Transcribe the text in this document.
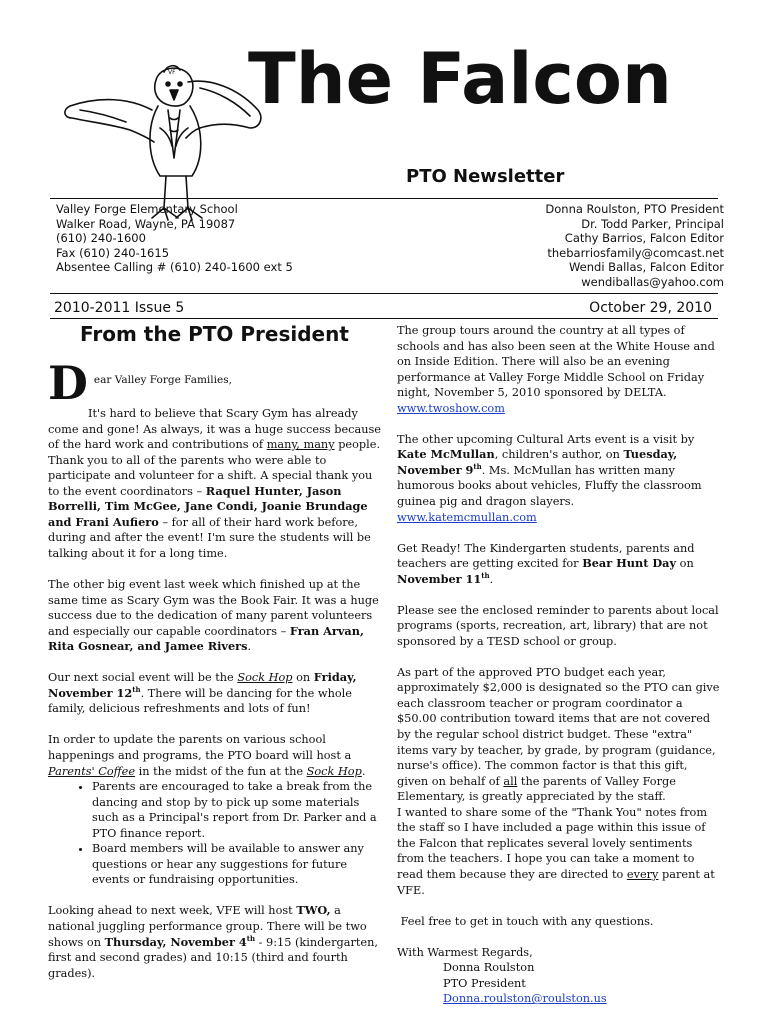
VF The Falcon
PTO Newsletter
Valley Forge Elementary School
Walker Road, Wayne, PA 19087
(610) 240-1600
Fax (610) 240-1615
Absentee Calling # (610) 240-1600 ext 5
Donna Roulston, PTO President
Dr. Todd Parker, Principal
Cathy Barrios, Falcon Editor
thebarriosfamily@comcast.net
Wendi Ballas, Falcon Editor
wendiballas@yahoo.com
2010-2011 Issue 5	October 29, 2010
From the PTO President

D ear Valley Forge Families,
It's hard to believe that Scary Gym has already come and gone! As always, it was a huge success because of the hard work and contributions of many, many people. Thank you to all of the parents who were able to participate and volunteer for a shift. A special thank you to the event coordinators – Raquel Hunter, Jason Borrelli, Tim McGee, Jane Condi, Joanie Brundage and Frani Aufiero – for all of their hard work before, during and after the event! I'm sure the students will be talking about it for a long time.

The other big event last week which finished up at the same time as Scary Gym was the Book Fair. It was a huge success due to the dedication of many parent volunteers and especially our capable coordinators – Fran Arvan, Rita Gosnear, and Jamee Rivers.

Our next social event will be the Sock Hop on Friday, November 12th. There will be dancing for the whole family, delicious refreshments and lots of fun!

In order to update the parents on various school happenings and programs, the PTO board will host a Parents' Coffee in the midst of the fun at the Sock Hop.

• Parents are encouraged to take a break from the dancing and stop by to pick up some materials such as a Principal's report from Dr. Parker and a PTO finance report.
• Board members will be available to answer any questions or hear any suggestions for future events or fundraising opportunities.

Looking ahead to next week, VFE will host TWO, a national juggling performance group. There will be two shows on Thursday, November 4th - 9:15 (kindergarten, first and second grades) and 10:15 (third and fourth grades).

The group tours around the country at all types of schools and has also been seen at the White House and on Inside Edition. There will also be an evening performance at Valley Forge Middle School on Friday night, November 5, 2010 sponsored by DELTA.
www.twoshow.com

The other upcoming Cultural Arts event is a visit by Kate McMullan, children's author, on Tuesday, November 9th. Ms. McMullan has written many humorous books about vehicles, Fluffy the classroom guinea pig and dragon slayers.
www.katemcmullan.com

Get Ready! The Kindergarten students, parents and teachers are getting excited for Bear Hunt Day on November 11th.

Please see the enclosed reminder to parents about local programs (sports, recreation, art, library) that are not sponsored by a TESD school or group.

As part of the approved PTO budget each year, approximately $2,000 is designated so the PTO can give each classroom teacher or program coordinator a $50.00 contribution toward items that are not covered by the regular school district budget. These "extra" items vary by teacher, by grade, by program (guidance, nurse's office). The common factor is that this gift, given on behalf of all the parents of Valley Forge Elementary, is greatly appreciated by the staff.
I wanted to share some of the "Thank You" notes from the staff so I have included a page within this issue of the Falcon that replicates several lovely sentiments from the teachers. I hope you can take a moment to read them because they are directed to every parent at VFE.

Feel free to get in touch with any questions.

With Warmest Regards,
Donna Roulston
PTO President
Donna.roulston@roulston.us
